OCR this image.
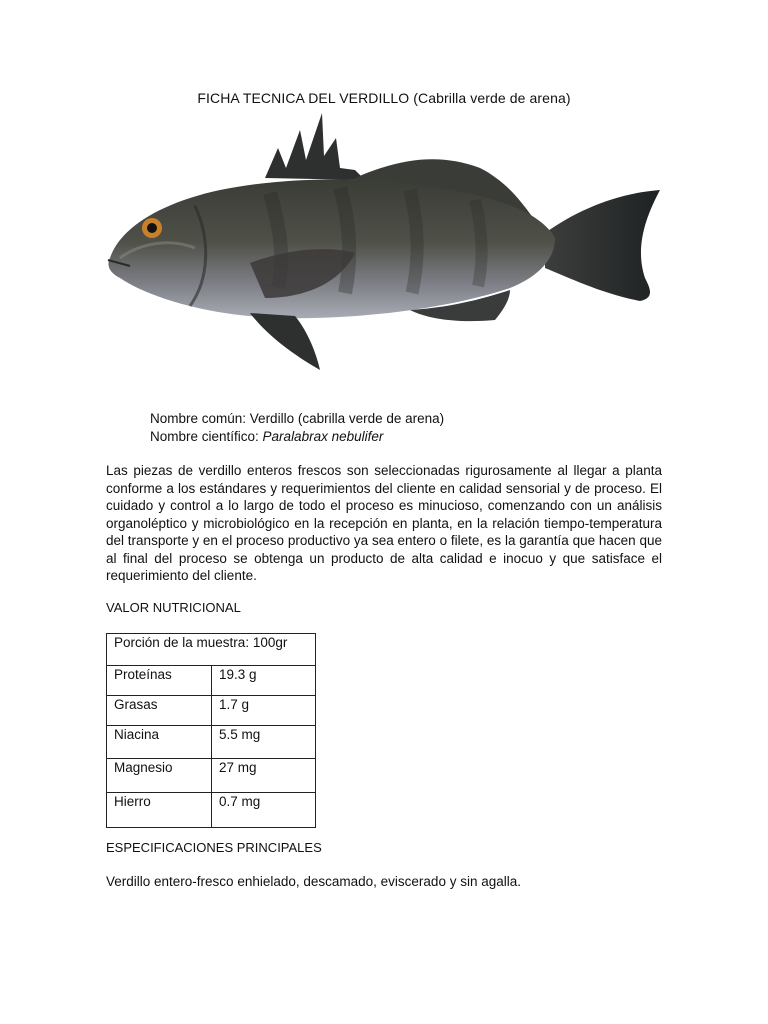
FICHA TECNICA DEL VERDILLO (Cabrilla verde de arena)
Nombre común: Verdillo (cabrilla verde de arena)
Nombre científico: Paralabrax nebulifer
Las piezas de verdillo enteros frescos son seleccionadas rigurosamente al llegar a planta conforme a los estándares y requerimientos del cliente en calidad sensorial y de proceso. El cuidado y control a lo largo de todo el proceso es minucioso, comenzando con un análisis organoléptico y microbiológico en la recepción en planta, en la relación tiempo-temperatura del transporte y en el proceso productivo ya sea entero o filete, es la garantía que hacen que al final del proceso se obtenga un producto de alta calidad e inocuo y que satisface el requerimiento del cliente.
VALOR NUTRICIONAL
Porción de la muestra: 100gr	
Proteínas	19.3 g
Grasas	1.7 g
Niacina	5.5 mg
Magnesio	27 mg
Hierro	0.7 mg
ESPECIFICACIONES PRINCIPALES
Verdillo entero-fresco enhielado, descamado, eviscerado y sin agalla.
